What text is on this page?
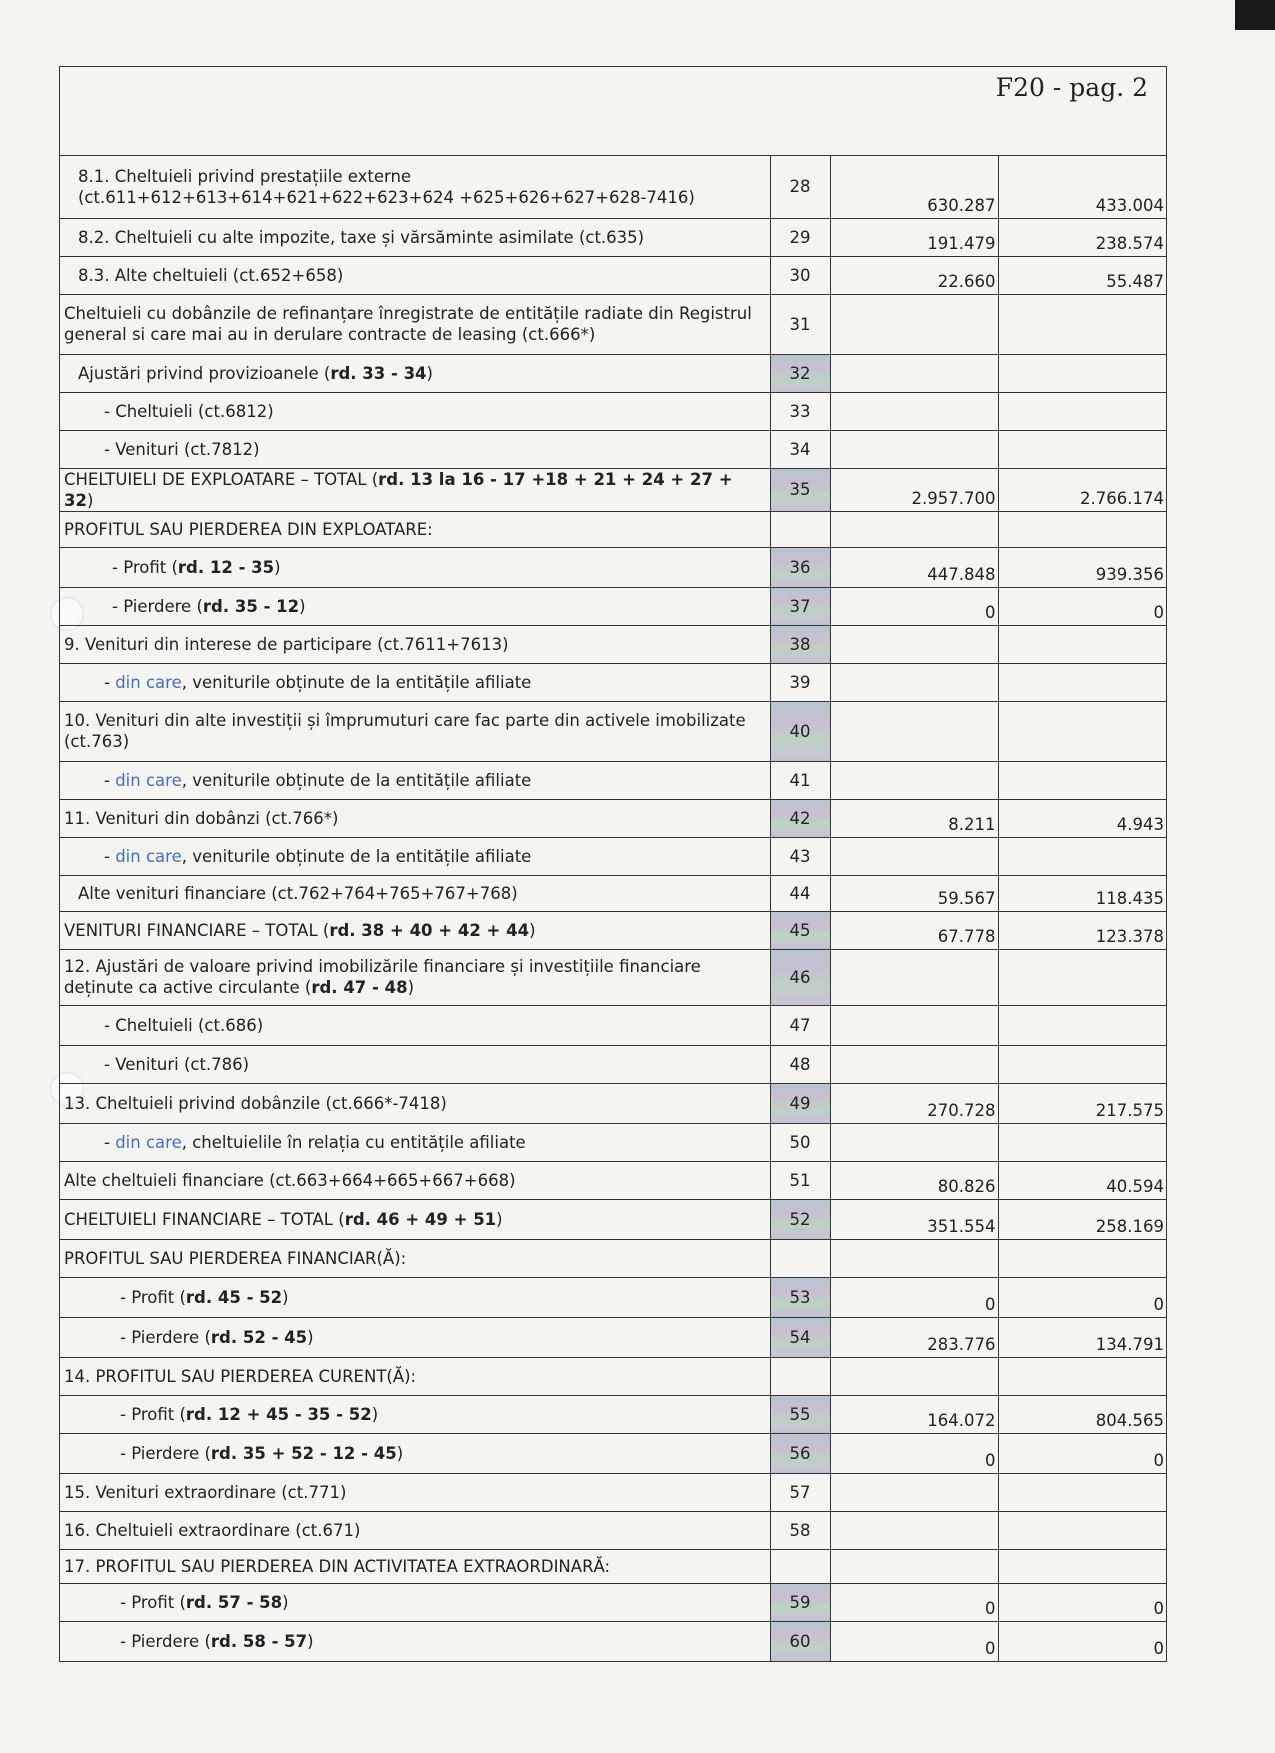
F20 - pag. 2
8.1. Cheltuieli privind prestațiile externe (ct.611+612+613+614+621+622+623+624 +625+626+627+628-7416)	28	630.287	433.004
8.2. Cheltuieli cu alte impozite, taxe și vărsăminte asimilate (ct.635)	29	191.479	238.574
8.3. Alte cheltuieli (ct.652+658)	30	22.660	55.487
Cheltuieli cu dobânzile de refinanțare înregistrate de entitățile radiate din Registrul general si care mai au in derulare contracte de leasing (ct.666*)	31		
Ajustări privind provizioanele (rd. 33 - 34)	32		
- Cheltuieli (ct.6812)	33		
- Venituri (ct.7812)	34		
CHELTUIELI DE EXPLOATARE – TOTAL (rd. 13 la 16 - 17 +18 + 21 + 24 + 27 + 32)	35	2.957.700	2.766.174
PROFITUL SAU PIERDEREA DIN EXPLOATARE:			
- Profit (rd. 12 - 35)	36	447.848	939.356
- Pierdere (rd. 35 - 12)	37	0	0
9. Venituri din interese de participare (ct.7611+7613)	38		
- din care, veniturile obținute de la entitățile afiliate	39		
10. Venituri din alte investiții și împrumuturi care fac parte din activele imobilizate (ct.763)	40		
- din care, veniturile obținute de la entitățile afiliate	41		
11. Venituri din dobânzi (ct.766*)	42	8.211	4.943
- din care, veniturile obținute de la entitățile afiliate	43		
Alte venituri financiare (ct.762+764+765+767+768)	44	59.567	118.435
VENITURI FINANCIARE – TOTAL (rd. 38 + 40 + 42 + 44)	45	67.778	123.378
12. Ajustări de valoare privind imobilizările financiare și investițiile financiare deținute ca active circulante (rd. 47 - 48)	46		
- Cheltuieli (ct.686)	47		
- Venituri (ct.786)	48		
13. Cheltuieli privind dobânzile (ct.666*-7418)	49	270.728	217.575
- din care, cheltuielile în relația cu entitățile afiliate	50		
Alte cheltuieli financiare (ct.663+664+665+667+668)	51	80.826	40.594
CHELTUIELI FINANCIARE – TOTAL (rd. 46 + 49 + 51)	52	351.554	258.169
PROFITUL SAU PIERDEREA FINANCIAR(Ă):			
- Profit (rd. 45 - 52)	53	0	0
- Pierdere (rd. 52 - 45)	54	283.776	134.791
14. PROFITUL SAU PIERDEREA CURENT(Ă):			
- Profit (rd. 12 + 45 - 35 - 52)	55	164.072	804.565
- Pierdere (rd. 35 + 52 - 12 - 45)	56	0	0
15. Venituri extraordinare (ct.771)	57		
16. Cheltuieli extraordinare (ct.671)	58		
17. PROFITUL SAU PIERDEREA DIN ACTIVITATEA EXTRAORDINARĂ:			
- Profit (rd. 57 - 58)	59	0	0
- Pierdere (rd. 58 - 57)	60	0	0
